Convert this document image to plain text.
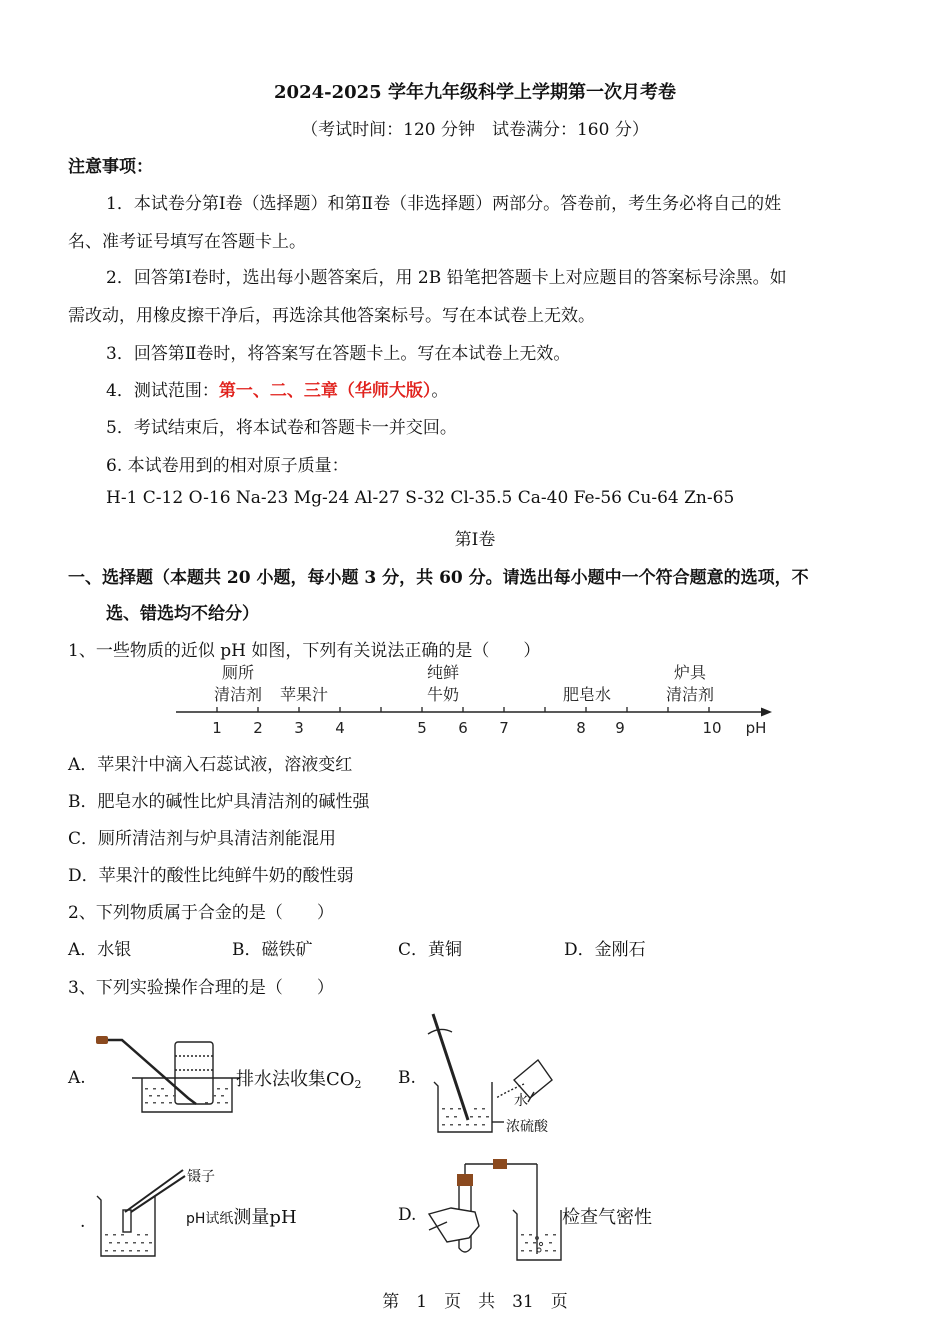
2024-2025 学年九年级科学上学期第一次月考卷
（考试时间：120 分钟　试卷满分：160 分）
注意事项：
1．本试卷分第Ⅰ卷（选择题）和第Ⅱ卷（非选择题）两部分。答卷前，考生务必将自己的姓
名、准考证号填写在答题卡上。
2．回答第Ⅰ卷时，选出每小题答案后，用 2B 铅笔把答题卡上对应题目的答案标号涂黑。如
需改动，用橡皮擦干净后，再选涂其他答案标号。写在本试卷上无效。
3．回答第Ⅱ卷时，将答案写在答题卡上。写在本试卷上无效。
4．测试范围：第一、二、三章（华师大版）。
5．考试结束后，将本试卷和答题卡一并交回。
6. 本试卷用到的相对原子质量：
H-1 C-12 O-16 Na-23 Mg-24 Al-27 S-32 Cl-35.5 Ca-40 Fe-56 Cu-64 Zn-65
第Ⅰ卷
一、选择题（本题共 20 小题，每小题 3 分，共 60 分。请选出每小题中一个符合题意的选项，不
选、错选均不给分）
1、一些物质的近似 pH 如图，下列有关说法正确的是（　　）
厕所
清洁剂 苹果汁
纯鲜
牛奶	肥皂水
炉具
清洁剂
1 2 3 4	5 6 7	8 9	10 pH
A．苹果汁中滴入石蕊试液，溶液变红
B．肥皂水的碱性比炉具清洁剂的碱性强
C．厕所清洁剂与炉具清洁剂能混用
D．苹果汁的酸性比纯鲜牛奶的酸性弱
2、下列物质属于合金的是（　　）
A．水银	B．磁铁矿	C．黄铜	D．金刚石
3、下列实验操作合理的是（　　）
A.	排水法收集$CO_2$ B.
水
浓硫酸
.
镊子
pH试纸测量pH	D.	检查气密性
第　1　页　共　31　页
